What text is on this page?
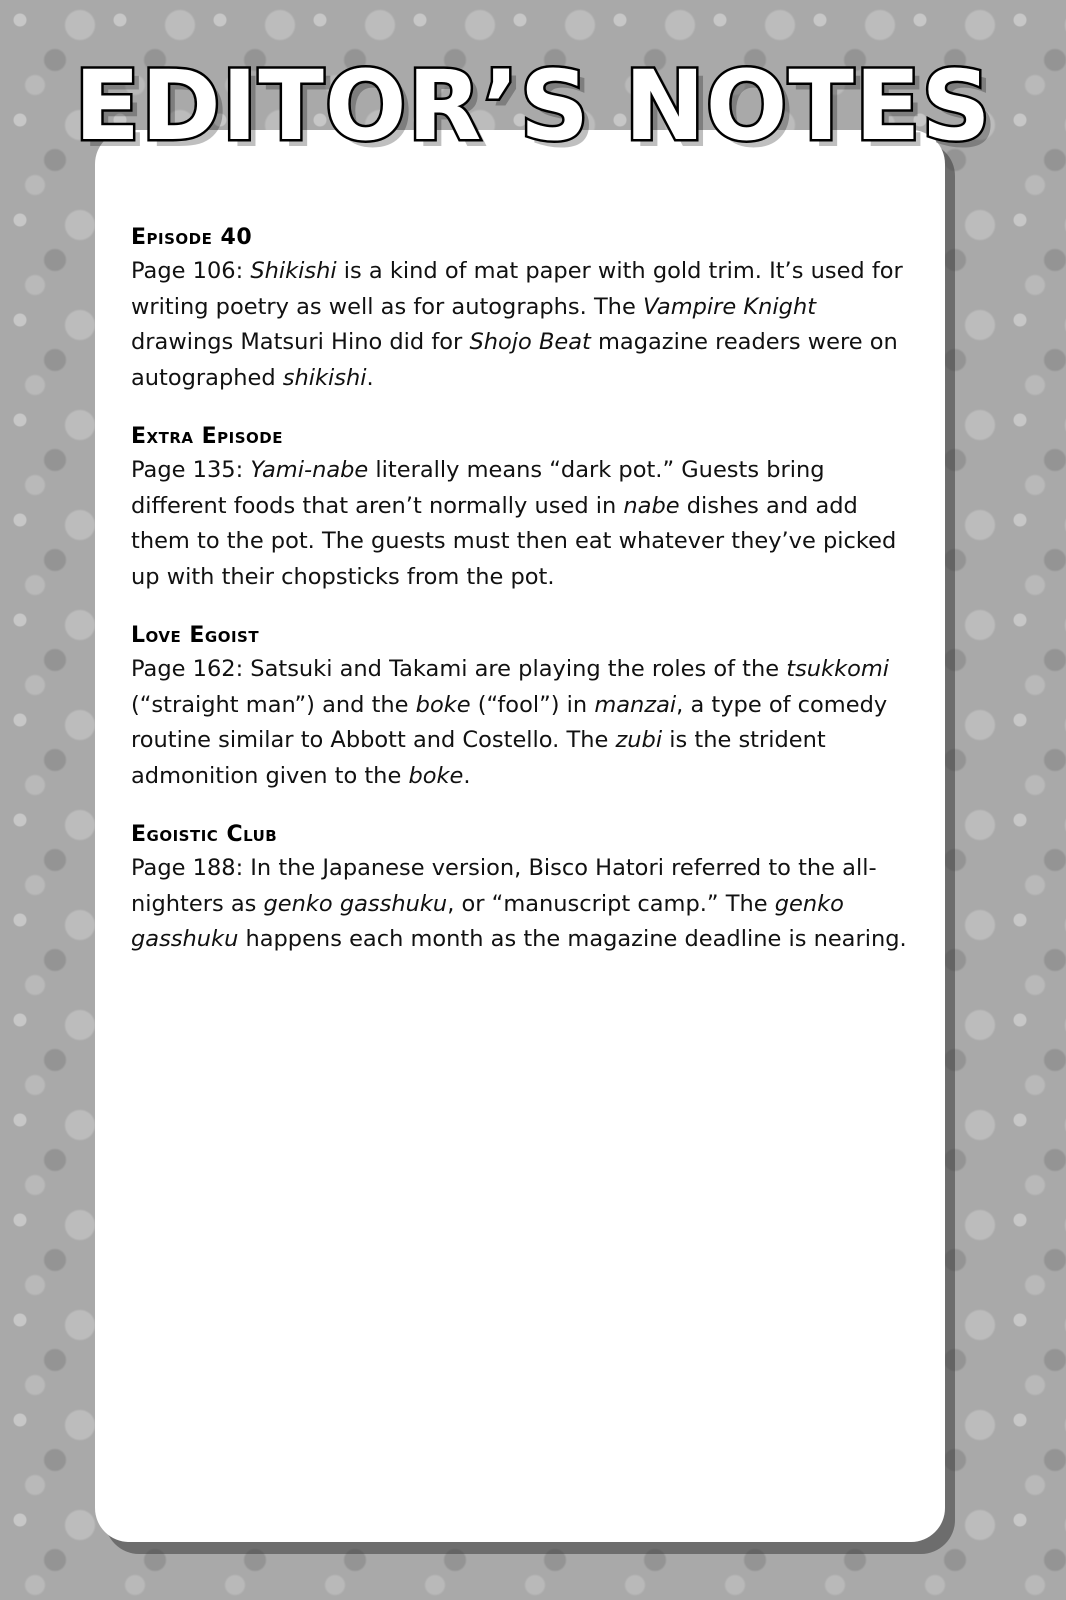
EDITOR’S NOTES
Episode 40

Page 106: Shikishi is a kind of mat paper with gold trim. It’s used for writing poetry as well as for autographs. The Vampire Knight drawings Matsuri Hino did for Shojo Beat magazine readers were on autographed shikishi.

Extra Episode

Page 135: Yami-nabe literally means “dark pot.” Guests bring different foods that aren’t normally used in nabe dishes and add them to the pot. The guests must then eat whatever they’ve picked up with their chopsticks from the pot.

Love Egoist

Page 162: Satsuki and Takami are playing the roles of the tsukkomi (“straight man”) and the boke (“fool”) in manzai, a type of comedy routine similar to Abbott and Costello. The zubi is the strident admonition given to the boke.

Egoistic Club

Page 188: In the Japanese version, Bisco Hatori referred to the all-nighters as genko gasshuku, or “manuscript camp.” The genko gasshuku happens each month as the magazine deadline is nearing.
